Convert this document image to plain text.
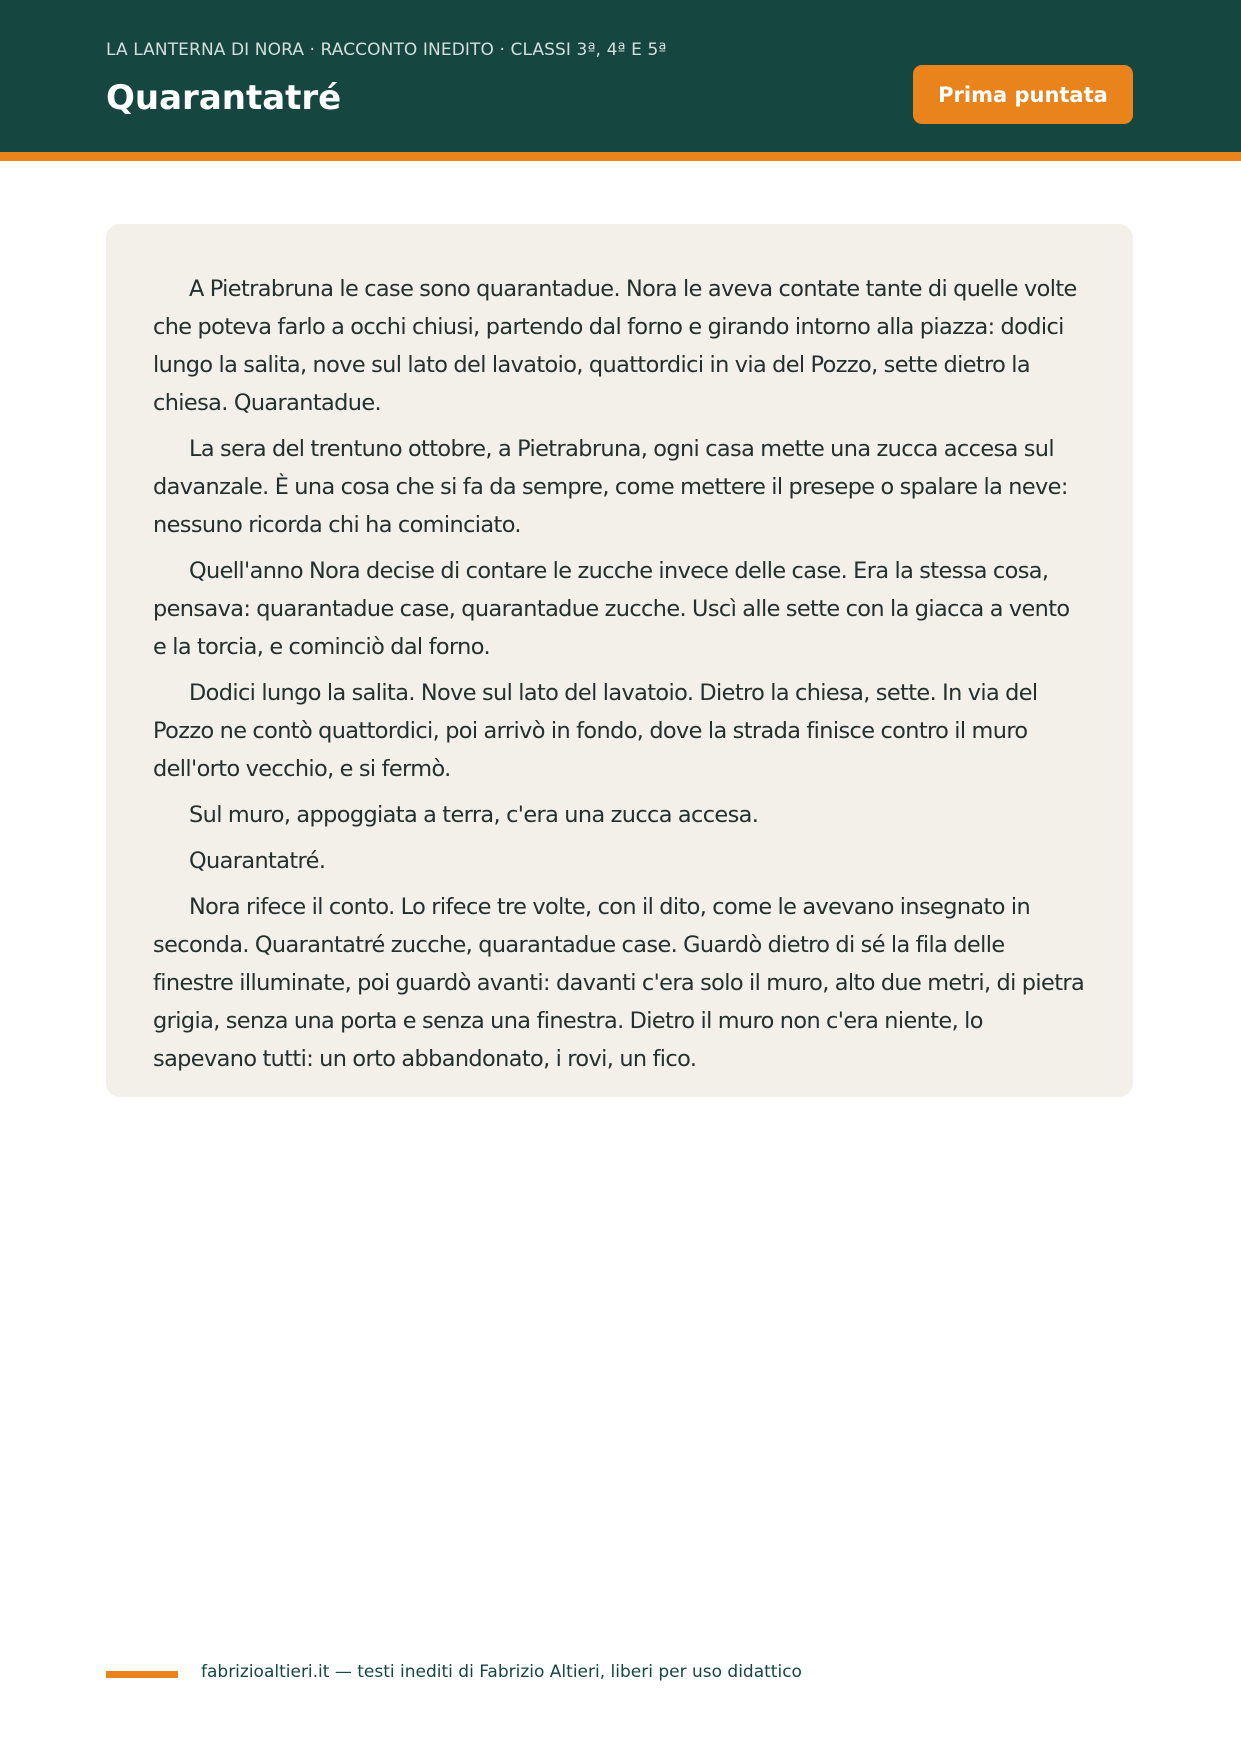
LA LANTERNA DI NORA · RACCONTO INEDITO · CLASSI 3ª, 4ª E 5ª
Quarantatré	Prima puntata

A Pietrabruna le case sono quarantadue. Nora le aveva contate tante di quelle volte che poteva farlo a occhi chiusi, partendo dal forno e girando intorno alla piazza: dodici lungo la salita, nove sul lato del lavatoio, quattordici in via del Pozzo, sette dietro la chiesa. Quarantadue.

La sera del trentuno ottobre, a Pietrabruna, ogni casa mette una zucca accesa sul davanzale. È una cosa che si fa da sempre, come mettere il presepe o spalare la neve: nessuno ricorda chi ha cominciato.

Quell'anno Nora decise di contare le zucche invece delle case. Era la stessa cosa, pensava: quarantadue case, quarantadue zucche. Uscì alle sette con la giacca a vento e la torcia, e cominciò dal forno.

Dodici lungo la salita. Nove sul lato del lavatoio. Dietro la chiesa, sette. In via del Pozzo ne contò quattordici, poi arrivò in fondo, dove la strada finisce contro il muro dell'orto vecchio, e si fermò.

Sul muro, appoggiata a terra, c'era una zucca accesa.

Quarantatré.

Nora rifece il conto. Lo rifece tre volte, con il dito, come le avevano insegnato in seconda. Quarantatré zucche, quarantadue case. Guardò dietro di sé la fila delle finestre illuminate, poi guardò avanti: davanti c'era solo il muro, alto due metri, di pietra grigia, senza una porta e senza una finestra. Dietro il muro non c'era niente, lo sapevano tutti: un orto abbandonato, i rovi, un fico.

fabrizioaltieri.it — testi inediti di Fabrizio Altieri, liberi per uso didattico
